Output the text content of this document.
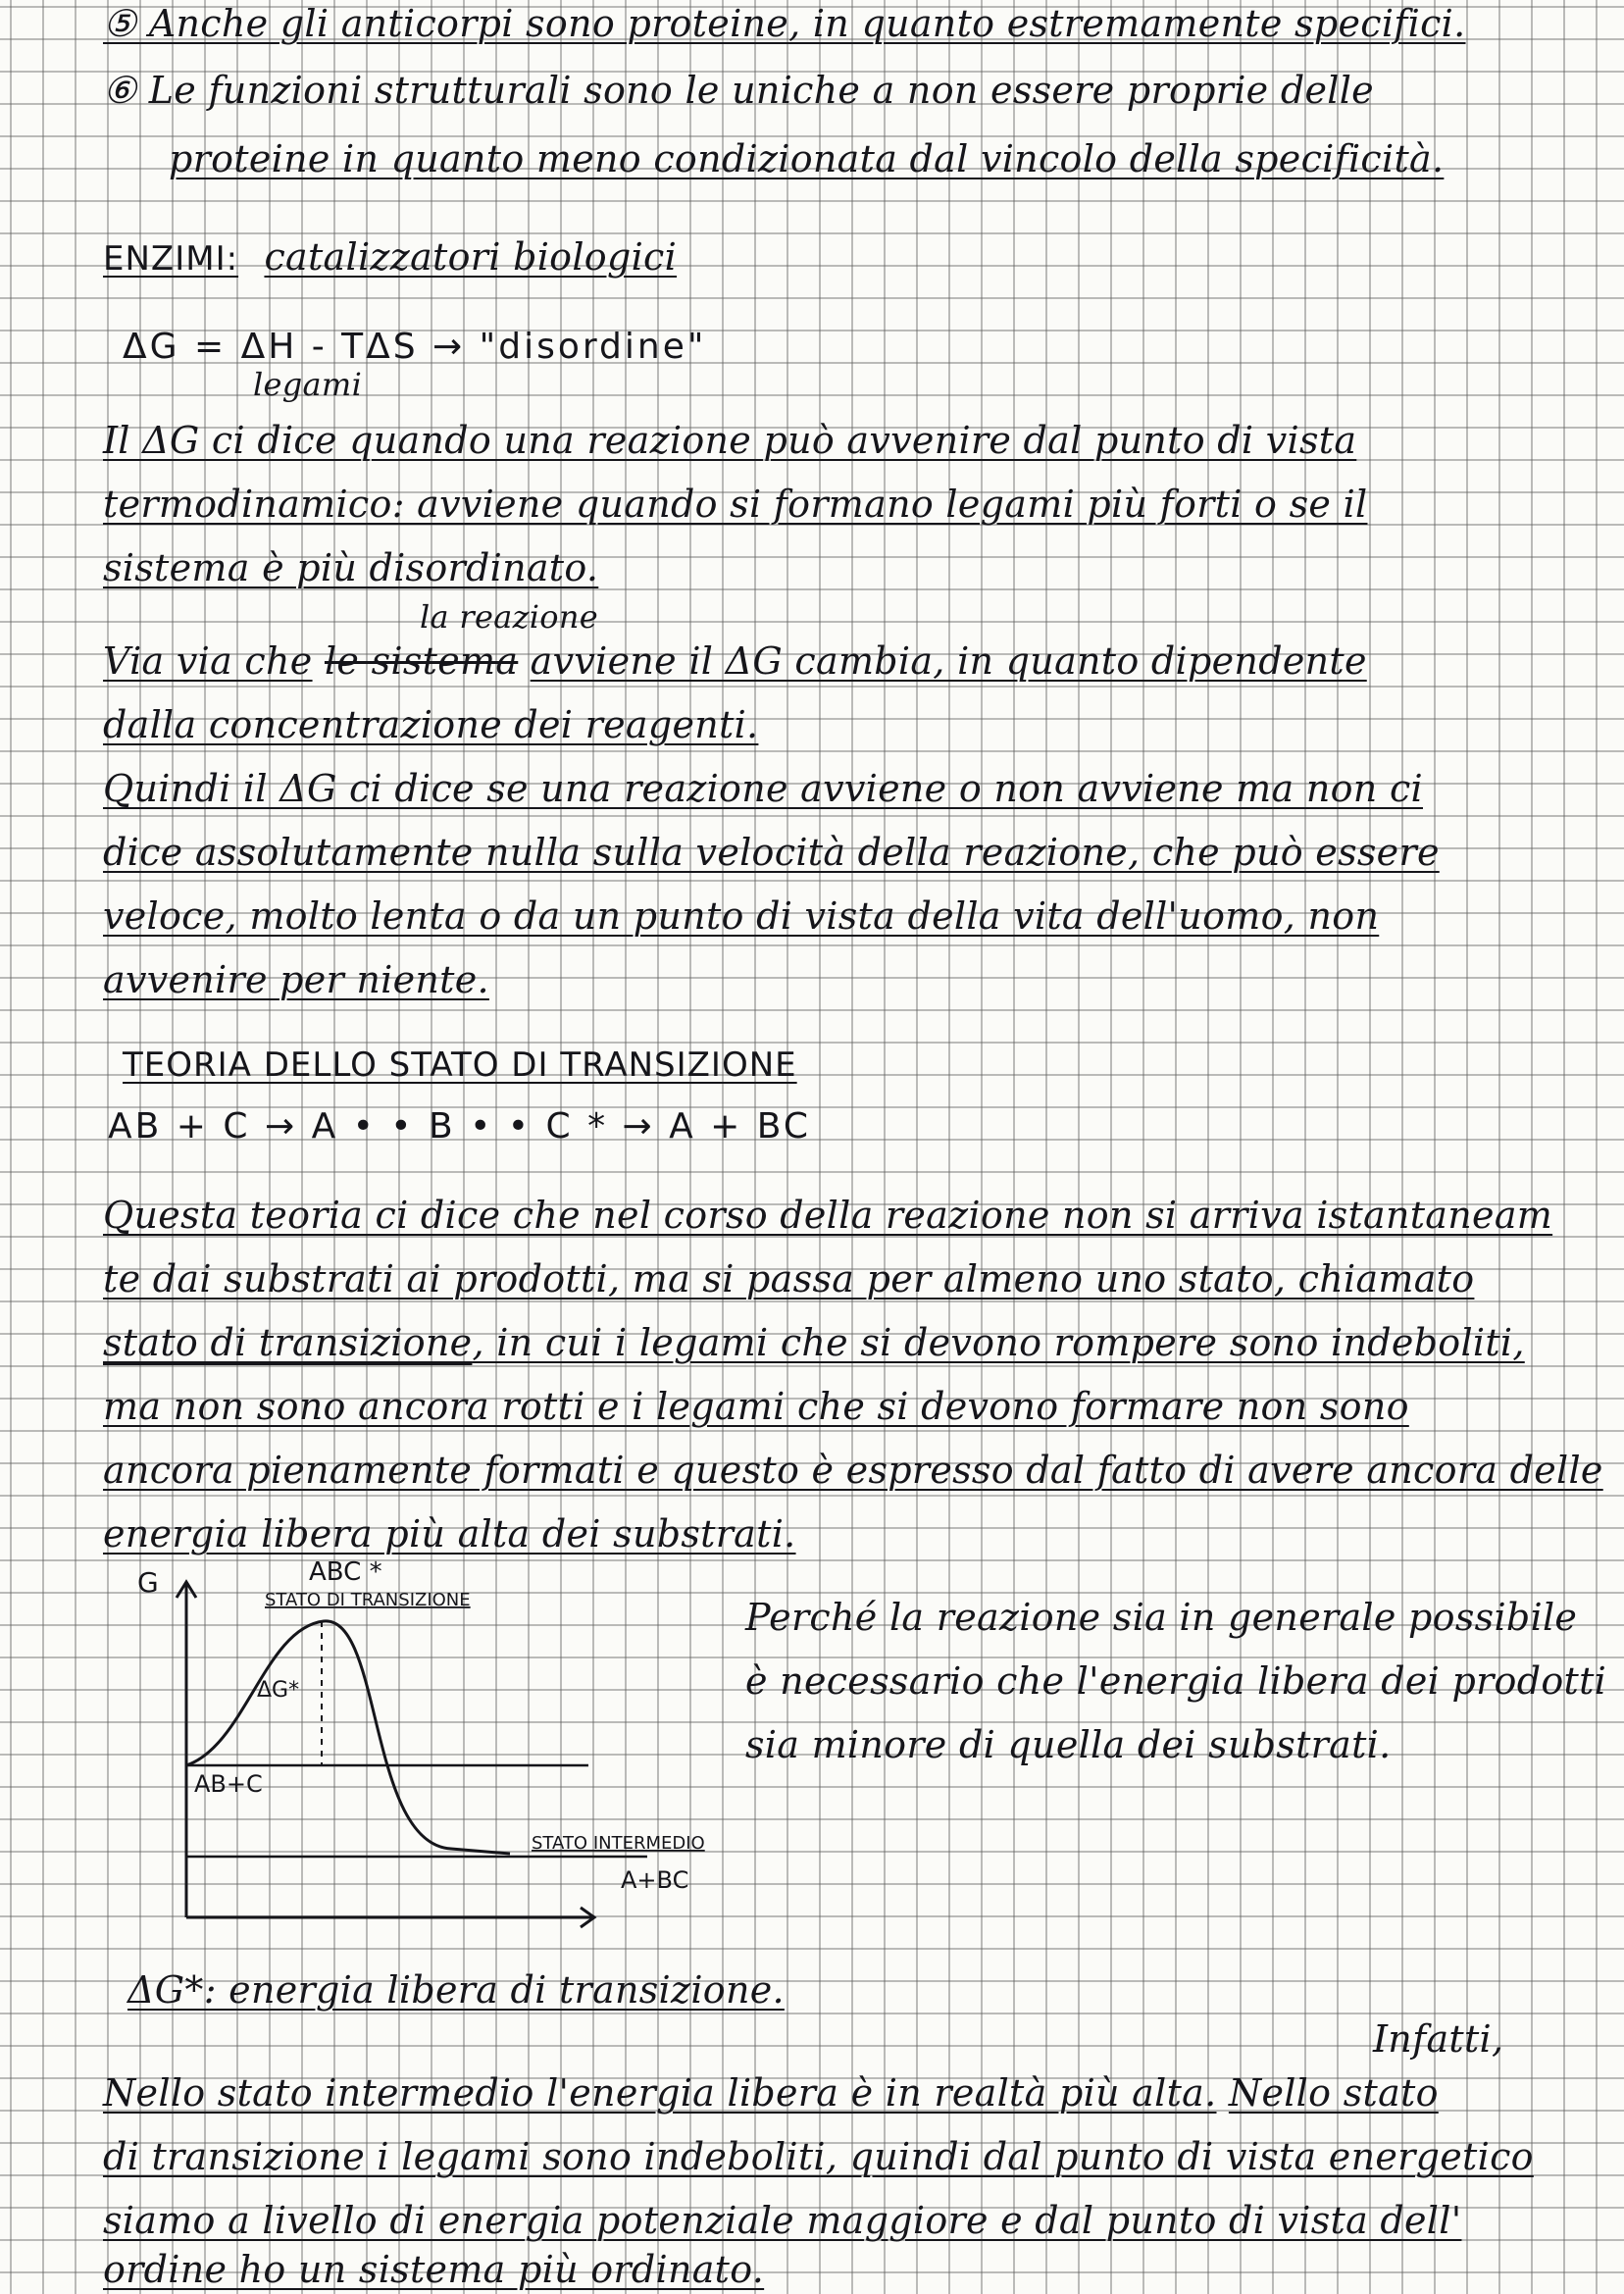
⑤ Anche gli anticorpi sono proteine, in quanto estremamente specifici.
⑥ Le funzioni strutturali sono le uniche a non essere proprie delle
proteine in quanto meno condizionata dal vincolo della specificità.
ENZIMI: catalizzatori biologici
ΔG = ΔH - TΔS → "disordine"
legami
Il ΔG ci dice quando una reazione può avvenire dal punto di vista
termodinamico: avviene quando si formano legami più forti o se il
sistema è più disordinato.
la reazione
Via via che le sistema avviene il ΔG cambia, in quanto dipendente
dalla concentrazione dei reagenti.
Quindi il ΔG ci dice se una reazione avviene o non avviene ma non ci
dice assolutamente nulla sulla velocità della reazione, che può essere
veloce, molto lenta o da un punto di vista della vita dell'uomo, non
avvenire per niente.
TEORIA DELLO STATO DI TRANSIZIONE
AB + C → A • • B • • C * → A + BC
Questa teoria ci dice che nel corso della reazione non si arriva istantaneam
te dai substrati ai prodotti, ma si passa per almeno uno stato, chiamato
stato di transizione, in cui i legami che si devono rompere sono indeboliti,
ma non sono ancora rotti e i legami che si devono formare non sono
ancora pienamente formati e questo è espresso dal fatto di avere ancora delle
energia libera più alta dei substrati.
G	ABC *
STATO DI TRANSIZIONE
ΔG*
AB+C
STATO INTERMEDIO
A+BC
Perché la reazione sia in generale possibile
è necessario che l'energia libera dei prodotti
sia minore di quella dei substrati.
ΔG*: energia libera di transizione.
Infatti,
Nello stato intermedio l'energia libera è in realtà più alta. Nello stato
di transizione i legami sono indeboliti, quindi dal punto di vista energetico
siamo a livello di energia potenziale maggiore e dal punto di vista dell'
ordine ho un sistema più ordinato.
